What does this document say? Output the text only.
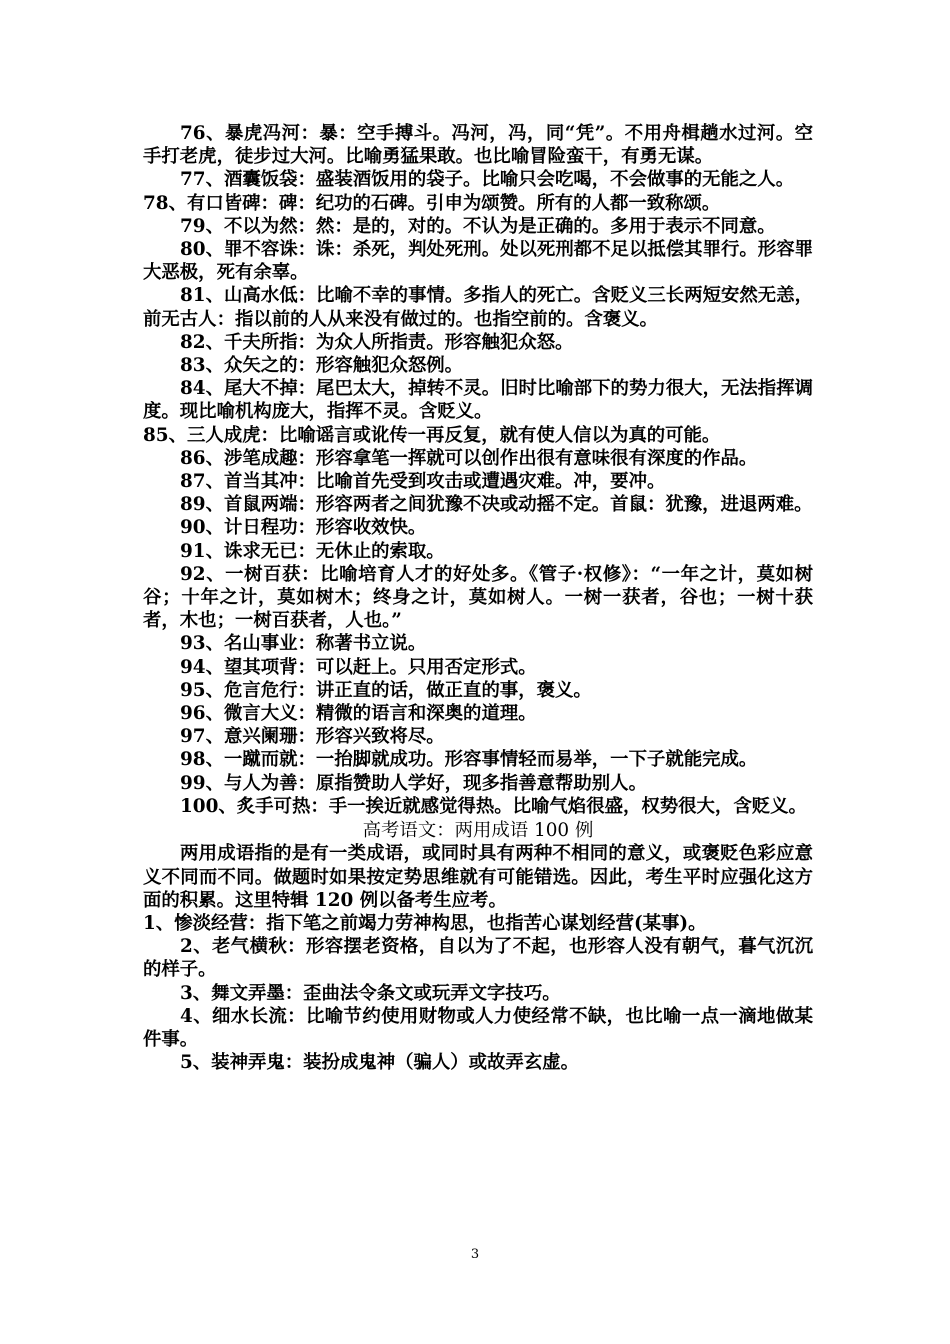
76、暴虎冯河：暴：空手搏斗。冯河，冯，同“凭”。不用舟楫趟水过河。空手打老虎，徒步过大河。比喻勇猛果敢。也比喻冒险蛮干，有勇无谋。

77、酒囊饭袋：盛装酒饭用的袋子。比喻只会吃喝，不会做事的无能之人。

78、有口皆碑：碑：纪功的石碑。引申为颂赞。所有的人都一致称颂。

79、不以为然：然：是的，对的。不认为是正确的。多用于表示不同意。

80、罪不容诛：诛：杀死，判处死刑。处以死刑都不足以抵偿其罪行。形容罪大恶极，死有余辜。

81、山高水低：比喻不幸的事情。多指人的死亡。含贬义三长两短安然无恙，前无古人：指以前的人从来没有做过的。也指空前的。含褒义。

82、千夫所指：为众人所指责。形容触犯众怒。

83、众矢之的：形容触犯众怒例。

84、尾大不掉：尾巴太大，掉转不灵。旧时比喻部下的势力很大，无法指挥调度。现比喻机构庞大，指挥不灵。含贬义。

85、三人成虎：比喻谣言或讹传一再反复，就有使人信以为真的可能。

86、涉笔成趣：形容拿笔一挥就可以创作出很有意味很有深度的作品。

87、首当其冲：比喻首先受到攻击或遭遇灾难。冲，要冲。

89、首鼠两端：形容两者之间犹豫不决或动摇不定。首鼠：犹豫，进退两难。

90、计日程功：形容收效快。

91、诛求无已：无休止的索取。

92、一树百获：比喻培育人才的好处多。《管子·权修》：“一年之计，莫如树谷；十年之计，莫如树木；终身之计，莫如树人。一树一获者，谷也；一树十获者，木也；一树百获者，人也。”

93、名山事业：称著书立说。

94、望其项背：可以赶上。只用否定形式。

95、危言危行：讲正直的话，做正直的事，褒义。

96、微言大义：精微的语言和深奥的道理。

97、意兴阑珊：形容兴致将尽。

98、一蹴而就：一抬脚就成功。形容事情轻而易举，一下子就能完成。

99、与人为善：原指赞助人学好，现多指善意帮助别人。

100、炙手可热：手一挨近就感觉得热。比喻气焰很盛，权势很大，含贬义。

高考语文：两用成语 100 例

两用成语指的是有一类成语，或同时具有两种不相同的意义，或褒贬色彩应意义不同而不同。做题时如果按定势思维就有可能错选。因此，考生平时应强化这方面的积累。这里特辑 120 例以备考生应考。

1、惨淡经营：指下笔之前竭力劳神构思，也指苦心谋划经营(某事)。

2、老气横秋：形容摆老资格，自以为了不起，也形容人没有朝气，暮气沉沉的样子。

3、舞文弄墨：歪曲法令条文或玩弄文字技巧。

4、细水长流：比喻节约使用财物或人力使经常不缺，也比喻一点一滴地做某件事。

5、装神弄鬼：装扮成鬼神（骗人）或故弄玄虚。

3
